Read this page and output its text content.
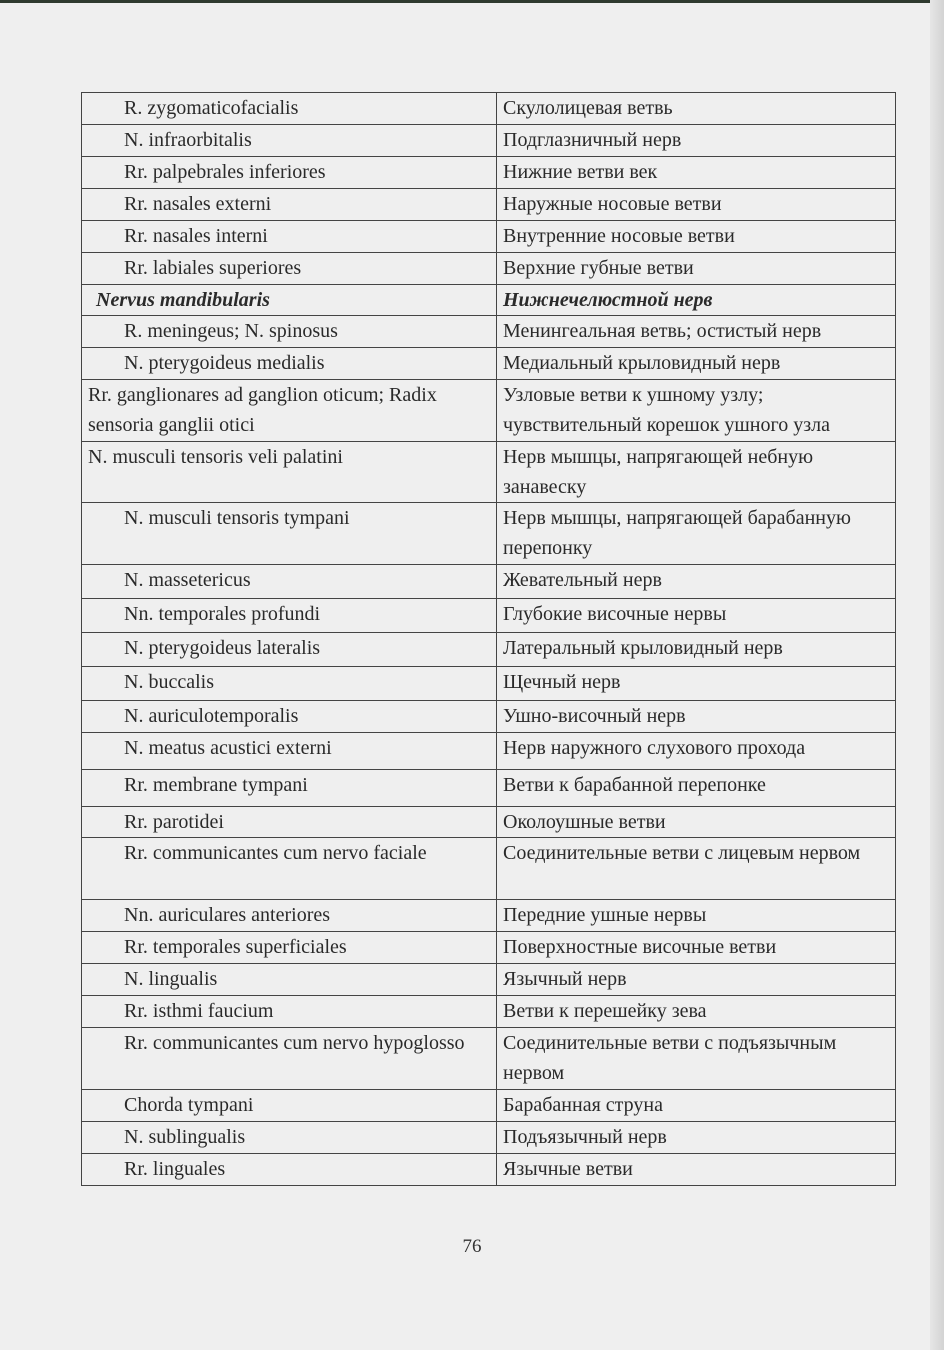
R. zygomaticofacialis	Скулолицевая ветвь
N. infraorbitalis	Подглазничный нерв
Rr. palpebrales inferiores	Нижние ветви век
Rr. nasales externi	Наружные носовые ветви
Rr. nasales interni	Внутренние носовые ветви
Rr. labiales superiores	Верхние губные ветви
Nervus mandibularis	Нижнечелюстной нерв
R. meningeus; N. spinosus	Менингеальная ветвь; остистый нерв
N. pterygoideus medialis	Медиальный крыловидный нерв
Rr. ganglionares ad ganglion oticum; Radix sensoria ganglii otici	Узловые ветви к ушному узлу; чувствительный корешок ушного узла
N. musculi tensoris veli palatini	Нерв мышцы, напрягающей небную занавеску
N. musculi tensoris tympani	Нерв мышцы, напрягающей барабанную перепонку
N. massetericus	Жевательный нерв
Nn. temporales profundi	Глубокие височные нервы
N. pterygoideus lateralis	Латеральный крыловидный нерв
N. buccalis	Щечный нерв
N. auriculotemporalis	Ушно-височный нерв
N. meatus acustici externi	Нерв наружного слухового прохода
Rr. membrane tympani	Ветви к барабанной перепонке
Rr. parotidei	Околоушные ветви
Rr. communicantes cum nervo faciale	Соединительные ветви с лицевым нервом
Nn. auriculares anteriores	Передние ушные нервы
Rr. temporales superficiales	Поверхностные височные ветви
N. lingualis	Язычный нерв
Rr. isthmi faucium	Ветви к перешейку зева
Rr. communicantes cum nervo hypoglosso	Соединительные ветви с подъязычным нервом
Chorda tympani	Барабанная струна
N. sublingualis	Подъязычный нерв
Rr. linguales	Язычные ветви
76
